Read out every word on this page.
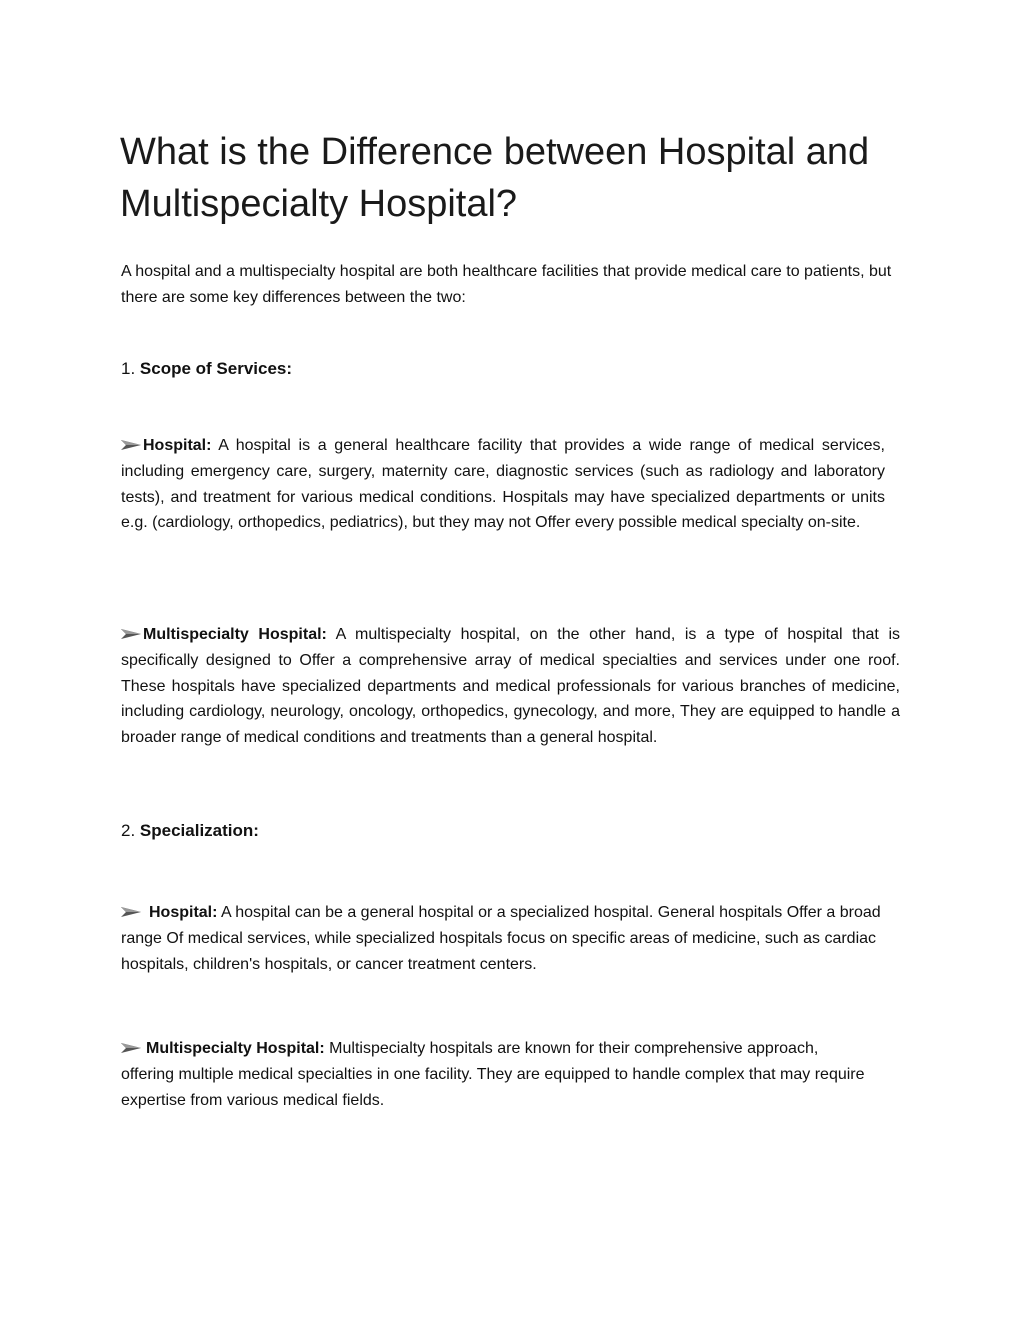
What is the Difference between Hospital and Multispecialty Hospital?

A hospital and a multispecialty hospital are both healthcare facilities that provide medical care to patients, but there are some key differences between the two:

1. Scope of Services:

Hospital: A hospital is a general healthcare facility that provides a wide range of medical services, including emergency care, surgery, maternity care, diagnostic services (such as radiology and laboratory tests), and treatment for various medical conditions. Hospitals may have specialized departments or units e.g. (cardiology, orthopedics, pediatrics), but they may not Offer every possible medical specialty on-site.

Multispecialty Hospital: A multispecialty hospital, on the other hand, is a type of hospital that is specifically designed to Offer a comprehensive array of medical specialties and services under one roof. These hospitals have specialized departments and medical professionals for various branches of medicine, including cardiology, neurology, oncology, orthopedics, gynecology, and more, They are equipped to handle a broader range of medical conditions and treatments than a general hospital.

2. Specialization:

Hospital: A hospital can be a general hospital or a specialized hospital. General hospitals Offer a broad range Of medical services, while specialized hospitals focus on specific areas of medicine, such as cardiac hospitals, children's hospitals, or cancer treatment centers.

Multispecialty Hospital: Multispecialty hospitals are known for their comprehensive approach, offering multiple medical specialties in one facility. They are equipped to handle complex that may require expertise from various medical fields.
